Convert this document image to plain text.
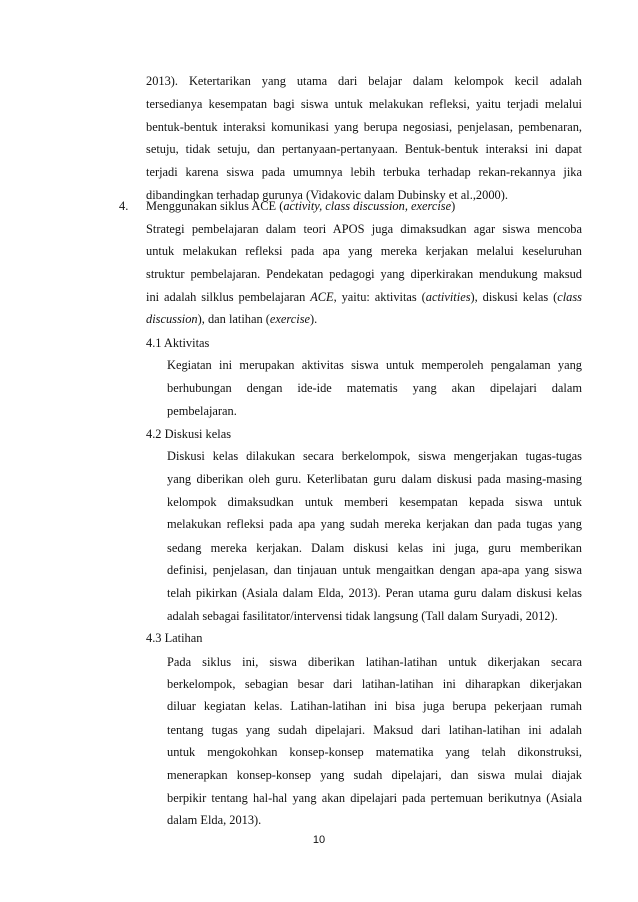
2013). Ketertarikan yang utama dari belajar dalam kelompok kecil adalah
tersedianya kesempatan bagi siswa untuk melakukan refleksi, yaitu terjadi melalui
bentuk-bentuk interaksi komunikasi yang berupa negosiasi, penjelasan, pembenaran,
setuju, tidak setuju, dan pertanyaan-pertanyaan. Bentuk-bentuk interaksi ini dapat
terjadi karena siswa pada umumnya lebih terbuka terhadap rekan-rekannya jika
dibandingkan terhadap gurunya (Vidakovic dalam Dubinsky et al.,2000).
4. Menggunakan siklus ACE (activity, class discussion, exercise)
Strategi pembelajaran dalam teori APOS juga dimaksudkan agar siswa mencoba
untuk melakukan refleksi pada apa yang mereka kerjakan melalui keseluruhan
struktur pembelajaran. Pendekatan pedagogi yang diperkirakan mendukung maksud
ini adalah silklus pembelajaran ACE, yaitu: aktivitas (activities), diskusi kelas (class
discussion), dan latihan (exercise).
4.1 Aktivitas
Kegiatan ini merupakan aktivitas siswa untuk memperoleh pengalaman yang
berhubungan dengan ide-ide matematis yang akan dipelajari dalam
pembelajaran.
4.2 Diskusi kelas
Diskusi kelas dilakukan secara berkelompok, siswa mengerjakan tugas-tugas
yang diberikan oleh guru. Keterlibatan guru dalam diskusi pada masing-masing
kelompok dimaksudkan untuk memberi kesempatan kepada siswa untuk
melakukan refleksi pada apa yang sudah mereka kerjakan dan pada tugas yang
sedang mereka kerjakan. Dalam diskusi kelas ini juga, guru memberikan
definisi, penjelasan, dan tinjauan untuk mengaitkan dengan apa-apa yang siswa
telah pikirkan (Asiala dalam Elda, 2013). Peran utama guru dalam diskusi kelas
adalah sebagai fasilitator/intervensi tidak langsung (Tall dalam Suryadi, 2012).
4.3 Latihan
Pada siklus ini, siswa diberikan latihan-latihan untuk dikerjakan secara
berkelompok, sebagian besar dari latihan-latihan ini diharapkan dikerjakan
diluar kegiatan kelas. Latihan-latihan ini bisa juga berupa pekerjaan rumah
tentang tugas yang sudah dipelajari. Maksud dari latihan-latihan ini adalah
untuk mengokohkan konsep-konsep matematika yang telah dikonstruksi,
menerapkan konsep-konsep yang sudah dipelajari, dan siswa mulai diajak
berpikir tentang hal-hal yang akan dipelajari pada pertemuan berikutnya (Asiala
dalam Elda, 2013).
10
